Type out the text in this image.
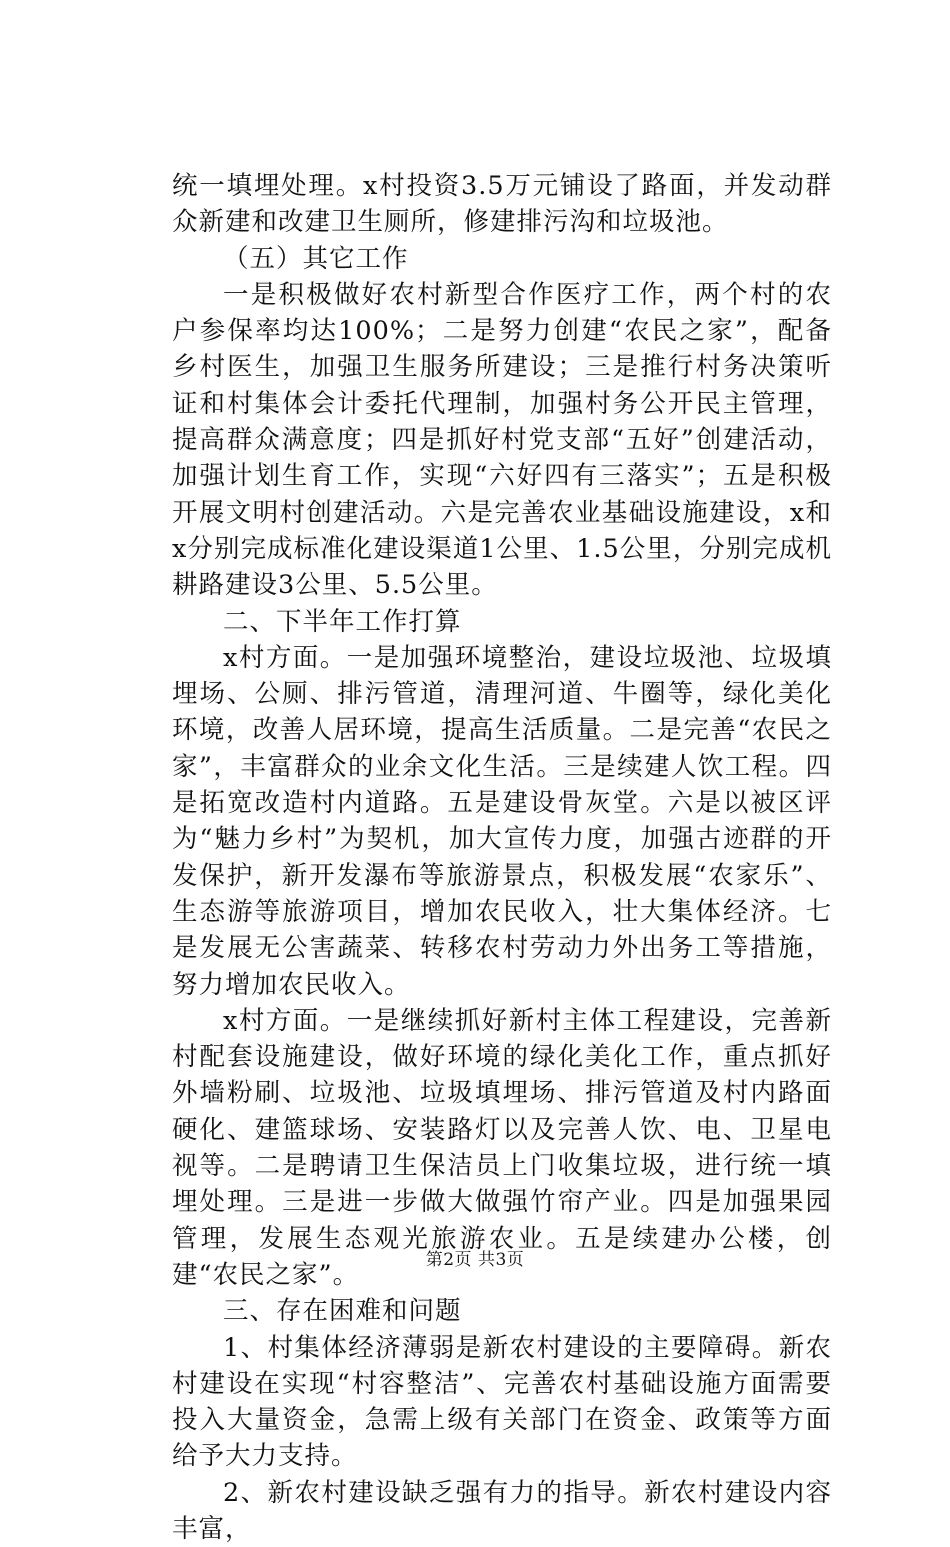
统一填埋处理。x村投资3.5万元铺设了路面，并发动群众新建和改建卫生厕所，修建排污沟和垃圾池。

（五）其它工作

一是积极做好农村新型合作医疗工作，两个村的农户参保率均达100%；二是努力创建“农民之家”，配备乡村医生，加强卫生服务所建设；三是推行村务决策听证和村集体会计委托代理制，加强村务公开民主管理，提高群众满意度；四是抓好村党支部“五好”创建活动，加强计划生育工作，实现“六好四有三落实”；五是积极开展文明村创建活动。六是完善农业基础设施建设，x和x分别完成标准化建设渠道1公里、1.5公里，分别完成机耕路建设3公里、5.5公里。

二、下半年工作打算

x村方面。一是加强环境整治，建设垃圾池、垃圾填埋场、公厕、排污管道，清理河道、牛圈等，绿化美化环境，改善人居环境，提高生活质量。二是完善“农民之家”，丰富群众的业余文化生活。三是续建人饮工程。四是拓宽改造村内道路。五是建设骨灰堂。六是以被区评为“魅力乡村”为契机，加大宣传力度，加强古迹群的开发保护，新开发瀑布等旅游景点，积极发展“农家乐”、生态游等旅游项目，增加农民收入，壮大集体经济。七是发展无公害蔬菜、转移农村劳动力外出务工等措施，努力增加农民收入。

x村方面。一是继续抓好新村主体工程建设，完善新村配套设施建设，做好环境的绿化美化工作，重点抓好外墙粉刷、垃圾池、垃圾填埋场、排污管道及村内路面硬化、建篮球场、安装路灯以及完善人饮、电、卫星电视等。二是聘请卫生保洁员上门收集垃圾，进行统一填埋处理。三是进一步做大做强竹帘产业。四是加强果园管理，发展生态观光旅游农业。五是续建办公楼，创建“农民之家”。

三、存在困难和问题

1、村集体经济薄弱是新农村建设的主要障碍。新农村建设在实现“村容整洁”、完善农村基础设施方面需要投入大量资金，急需上级有关部门在资金、政策等方面给予大力支持。

2、新农村建设缺乏强有力的指导。新农村建设内容丰富，

第2页 共3页
